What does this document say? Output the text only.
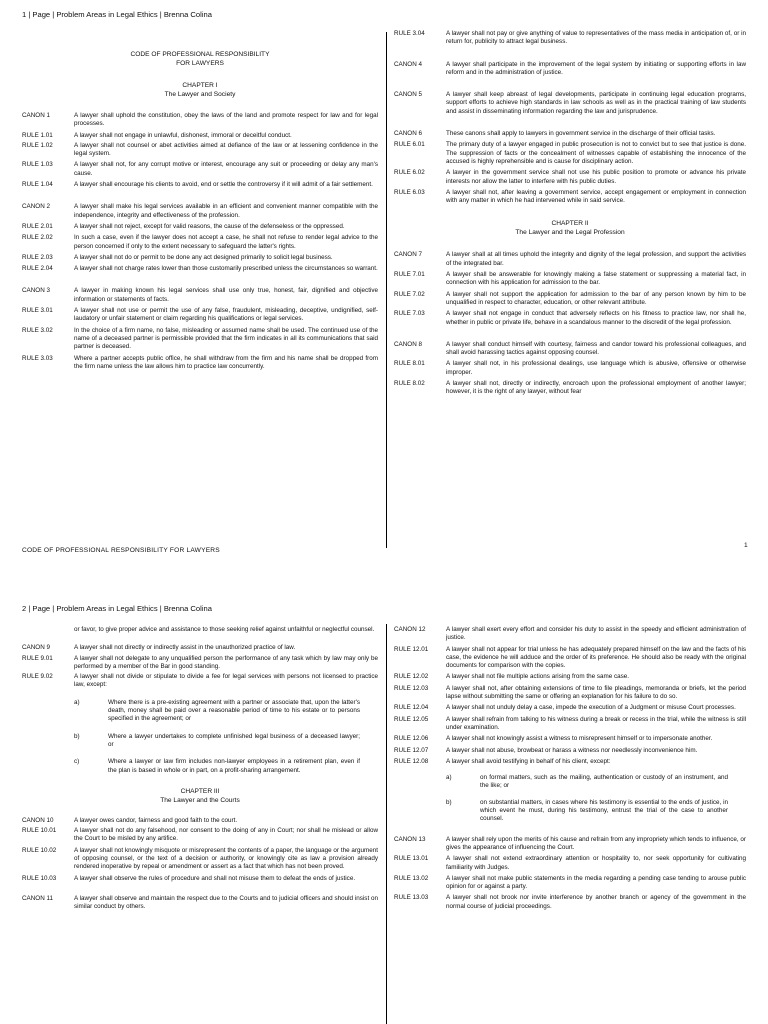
1 | Page | Problem Areas in Legal Ethics | Brenna Colina
CODE OF PROFESSIONAL RESPONSIBILITY
FOR LAWYERS
CHAPTER I
The Lawyer and Society
CANON 1	A lawyer shall uphold the constitution, obey the laws of the land and promote respect for law and for legal processes.
RULE 1.01	A lawyer shall not engage in unlawful, dishonest, immoral or deceitful conduct.
RULE 1.02	A lawyer shall not counsel or abet activities aimed at defiance of the law or at lessening confidence in the legal system.
RULE 1.03	A lawyer shall not, for any corrupt motive or interest, encourage any suit or proceeding or delay any man's cause.
RULE 1.04	A lawyer shall encourage his clients to avoid, end or settle the controversy if it will admit of a fair settlement.
CANON 2	A lawyer shall make his legal services available in an efficient and convenient manner compatible with the independence, integrity and effectiveness of the profession.
RULE 2.01	A lawyer shall not reject, except for valid reasons, the cause of the defenseless or the oppressed.
RULE 2.02	In such a case, even if the lawyer does not accept a case, he shall not refuse to render legal advice to the person concerned if only to the extent necessary to safeguard the latter's rights.
RULE 2.03	A lawyer shall not do or permit to be done any act designed primarily to solicit legal business.
RULE 2.04	A lawyer shall not charge rates lower than those customarily prescribed unless the circumstances so warrant.
CANON 3	A lawyer in making known his legal services shall use only true, honest, fair, dignified and objective information or statements of facts.
RULE 3.01	A lawyer shall not use or permit the use of any false, fraudulent, misleading, deceptive, undignified, self-laudatory or unfair statement or claim regarding his qualifications or legal services.
RULE 3.02	In the choice of a firm name, no false, misleading or assumed name shall be used. The continued use of the name of a deceased partner is permissible provided that the firm indicates in all its communications that said partner is deceased.
RULE 3.03	Where a partner accepts public office, he shall withdraw from the firm and his name shall be dropped from the firm name unless the law allows him to practice law concurrently.
CODE OF PROFESSIONAL RESPONSIBILITY FOR LAWYERS
RULE 3.04	A lawyer shall not pay or give anything of value to representatives of the mass media in anticipation of, or in return for, publicity to attract legal business.
CANON 4	A lawyer shall participate in the improvement of the legal system by initiating or supporting efforts in law reform and in the administration of justice.
CANON 5	A lawyer shall keep abreast of legal developments, participate in continuing legal education programs, support efforts to achieve high standards in law schools as well as in the practical training of law students and assist in disseminating information regarding the law and jurisprudence.
CANON 6	These canons shall apply to lawyers in government service in the discharge of their official tasks.
RULE 6.01	The primary duty of a lawyer engaged in public prosecution is not to convict but to see that justice is done. The suppression of facts or the concealment of witnesses capable of establishing the innocence of the accused is highly reprehensible and is cause for disciplinary action.
RULE 6.02	A lawyer in the government service shall not use his public position to promote or advance his private interests nor allow the latter to interfere with his public duties.
RULE 6.03	A lawyer shall not, after leaving a government service, accept engagement or employment in connection with any matter in which he had intervened while in said service.
CHAPTER II
The Lawyer and the Legal Profession
CANON 7	A lawyer shall at all times uphold the integrity and dignity of the legal profession, and support the activities of the integrated bar.
RULE 7.01	A lawyer shall be answerable for knowingly making a false statement or suppressing a material fact, in connection with his application for admission to the bar.
RULE 7.02	A lawyer shall not support the application for admission to the bar of any person known by him to be unqualified in respect to character, education, or other relevant attribute.
RULE 7.03	A lawyer shall not engage in conduct that adversely reflects on his fitness to practice law, nor shall he, whether in public or private life, behave in a scandalous manner to the discredit of the legal profession.
CANON 8	A lawyer shall conduct himself with courtesy, fairness and candor toward his professional colleagues, and shall avoid harassing tactics against opposing counsel.
RULE 8.01	A lawyer shall not, in his professional dealings, use language which is abusive, offensive or otherwise improper.
RULE 8.02	A lawyer shall not, directly or indirectly, encroach upon the professional employment of another lawyer; however, it is the right of any lawyer, without fear
1
2 | Page | Problem Areas in Legal Ethics | Brenna Colina
or favor, to give proper advice and assistance to those seeking relief against unfaithful or neglectful counsel.
CANON 9	A lawyer shall not directly or indirectly assist in the unauthorized practice of law.
RULE 9.01	A lawyer shall not delegate to any unqualified person the performance of any task which by law may only be performed by a member of the Bar in good standing.
RULE 9.02	A lawyer shall not divide or stipulate to divide a fee for legal services with persons not licensed to practice law, except:
a)	Where there is a pre-existing agreement with a partner or associate that, upon the latter's death, money shall be paid over a reasonable period of time to his estate or to persons specified in the agreement; or
b)	Where a lawyer undertakes to complete unfinished legal business of a deceased lawyer; or
c)	Where a lawyer or law firm includes non-lawyer employees in a retirement plan, even if the plan is based in whole or in part, on a profit-sharing arrangement.
CHAPTER III
The Lawyer and the Courts
CANON 10	A lawyer owes candor, fairness and good faith to the court.
RULE 10.01	A lawyer shall not do any falsehood, nor consent to the doing of any in Court; nor shall he mislead or allow the Court to be misled by any artifice.
RULE 10.02	A lawyer shall not knowingly misquote or misrepresent the contents of a paper, the language or the argument of opposing counsel, or the text of a decision or authority, or knowingly cite as law a provision already rendered inoperative by repeal or amendment or assert as a fact that which has not been proved.
RULE 10.03	A lawyer shall observe the rules of procedure and shall not misuse them to defeat the ends of justice.
CANON 11	A lawyer shall observe and maintain the respect due to the Courts and to judicial officers and should insist on similar conduct by others.
CANON 12	A lawyer shall exert every effort and consider his duty to assist in the speedy and efficient administration of justice.
RULE 12.01	A lawyer shall not appear for trial unless he has adequately prepared himself on the law and the facts of his case, the evidence he will adduce and the order of its preference. He should also be ready with the original documents for comparison with the copies.
RULE 12.02	A lawyer shall not file multiple actions arising from the same case.
RULE 12.03	A lawyer shall not, after obtaining extensions of time to file pleadings, memoranda or briefs, let the period lapse without submitting the same or offering an explanation for his failure to do so.
RULE 12.04	A lawyer shall not unduly delay a case, impede the execution of a Judgment or misuse Court processes.
RULE 12.05	A lawyer shall refrain from talking to his witness during a break or recess in the trial, while the witness is still under examination.
RULE 12.06	A lawyer shall not knowingly assist a witness to misrepresent himself or to impersonate another.
RULE 12.07	A lawyer shall not abuse, browbeat or harass a witness nor needlessly inconvenience him.
RULE 12.08	A lawyer shall avoid testifying in behalf of his client, except:
a)	on formal matters, such as the mailing, authentication or custody of an instrument, and the like; or
b)	on substantial matters, in cases where his testimony is essential to the ends of justice, in which event he must, during his testimony, entrust the trial of the case to another counsel.
CANON 13	A lawyer shall rely upon the merits of his cause and refrain from any impropriety which tends to influence, or gives the appearance of influencing the Court.
RULE 13.01	A lawyer shall not extend extraordinary attention or hospitality to, nor seek opportunity for cultivating familiarity with Judges.
RULE 13.02	A lawyer shall not make public statements in the media regarding a pending case tending to arouse public opinion for or against a party.
RULE 13.03	A lawyer shall not brook nor invite interference by another branch or agency of the government in the normal course of judicial proceedings.
